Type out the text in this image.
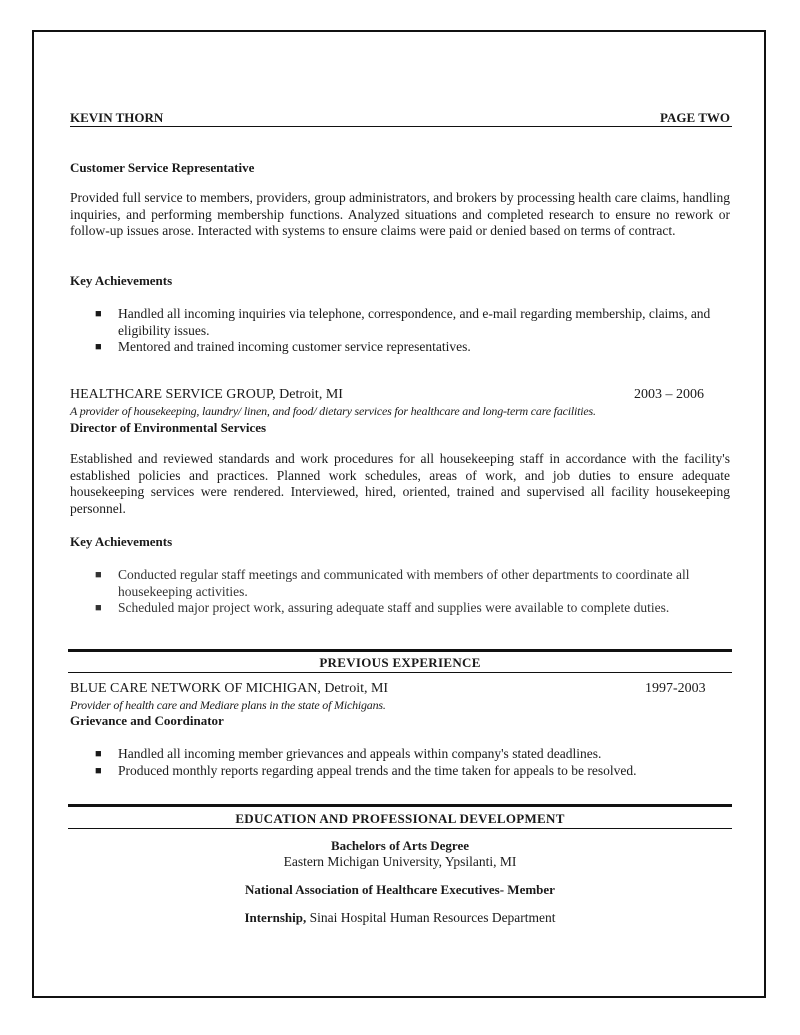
KEVIN THORN	PAGE TWO
Customer Service Representative
Provided full service to members, providers, group administrators, and brokers by processing health care claims, handling inquiries, and performing membership functions. Analyzed situations and completed research to ensure no rework or follow-up issues arose. Interacted with systems to ensure claims were paid or denied based on terms of contract.
Key Achievements
■ Handled all incoming inquiries via telephone, correspondence, and e-mail regarding membership, claims, and eligibility issues.
■ Mentored and trained incoming customer service representatives.
HEALTHCARE SERVICE GROUP, Detroit, MI	2003 – 2006
A provider of housekeeping, laundry/ linen, and food/ dietary services for healthcare and long-term care facilities.
Director of Environmental Services
Established and reviewed standards and work procedures for all housekeeping staff in accordance with the facility's established policies and practices. Planned work schedules, areas of work, and job duties to ensure adequate housekeeping services were rendered. Interviewed, hired, oriented, trained and supervised all facility housekeeping personnel.
Key Achievements
■ Conducted regular staff meetings and communicated with members of other departments to coordinate all housekeeping activities.
■ Scheduled major project work, assuring adequate staff and supplies were available to complete duties.
PREVIOUS EXPERIENCE
BLUE CARE NETWORK OF MICHIGAN, Detroit, MI	1997-2003
Provider of health care and Mediare plans in the state of Michigans.
Grievance and Coordinator
■ Handled all incoming member grievances and appeals within company's stated deadlines.
■ Produced monthly reports regarding appeal trends and the time taken for appeals to be resolved.
EDUCATION AND PROFESSIONAL DEVELOPMENT
Bachelors of Arts Degree
Eastern Michigan University, Ypsilanti, MI
National Association of Healthcare Executives- Member
Internship, Sinai Hospital Human Resources Department
